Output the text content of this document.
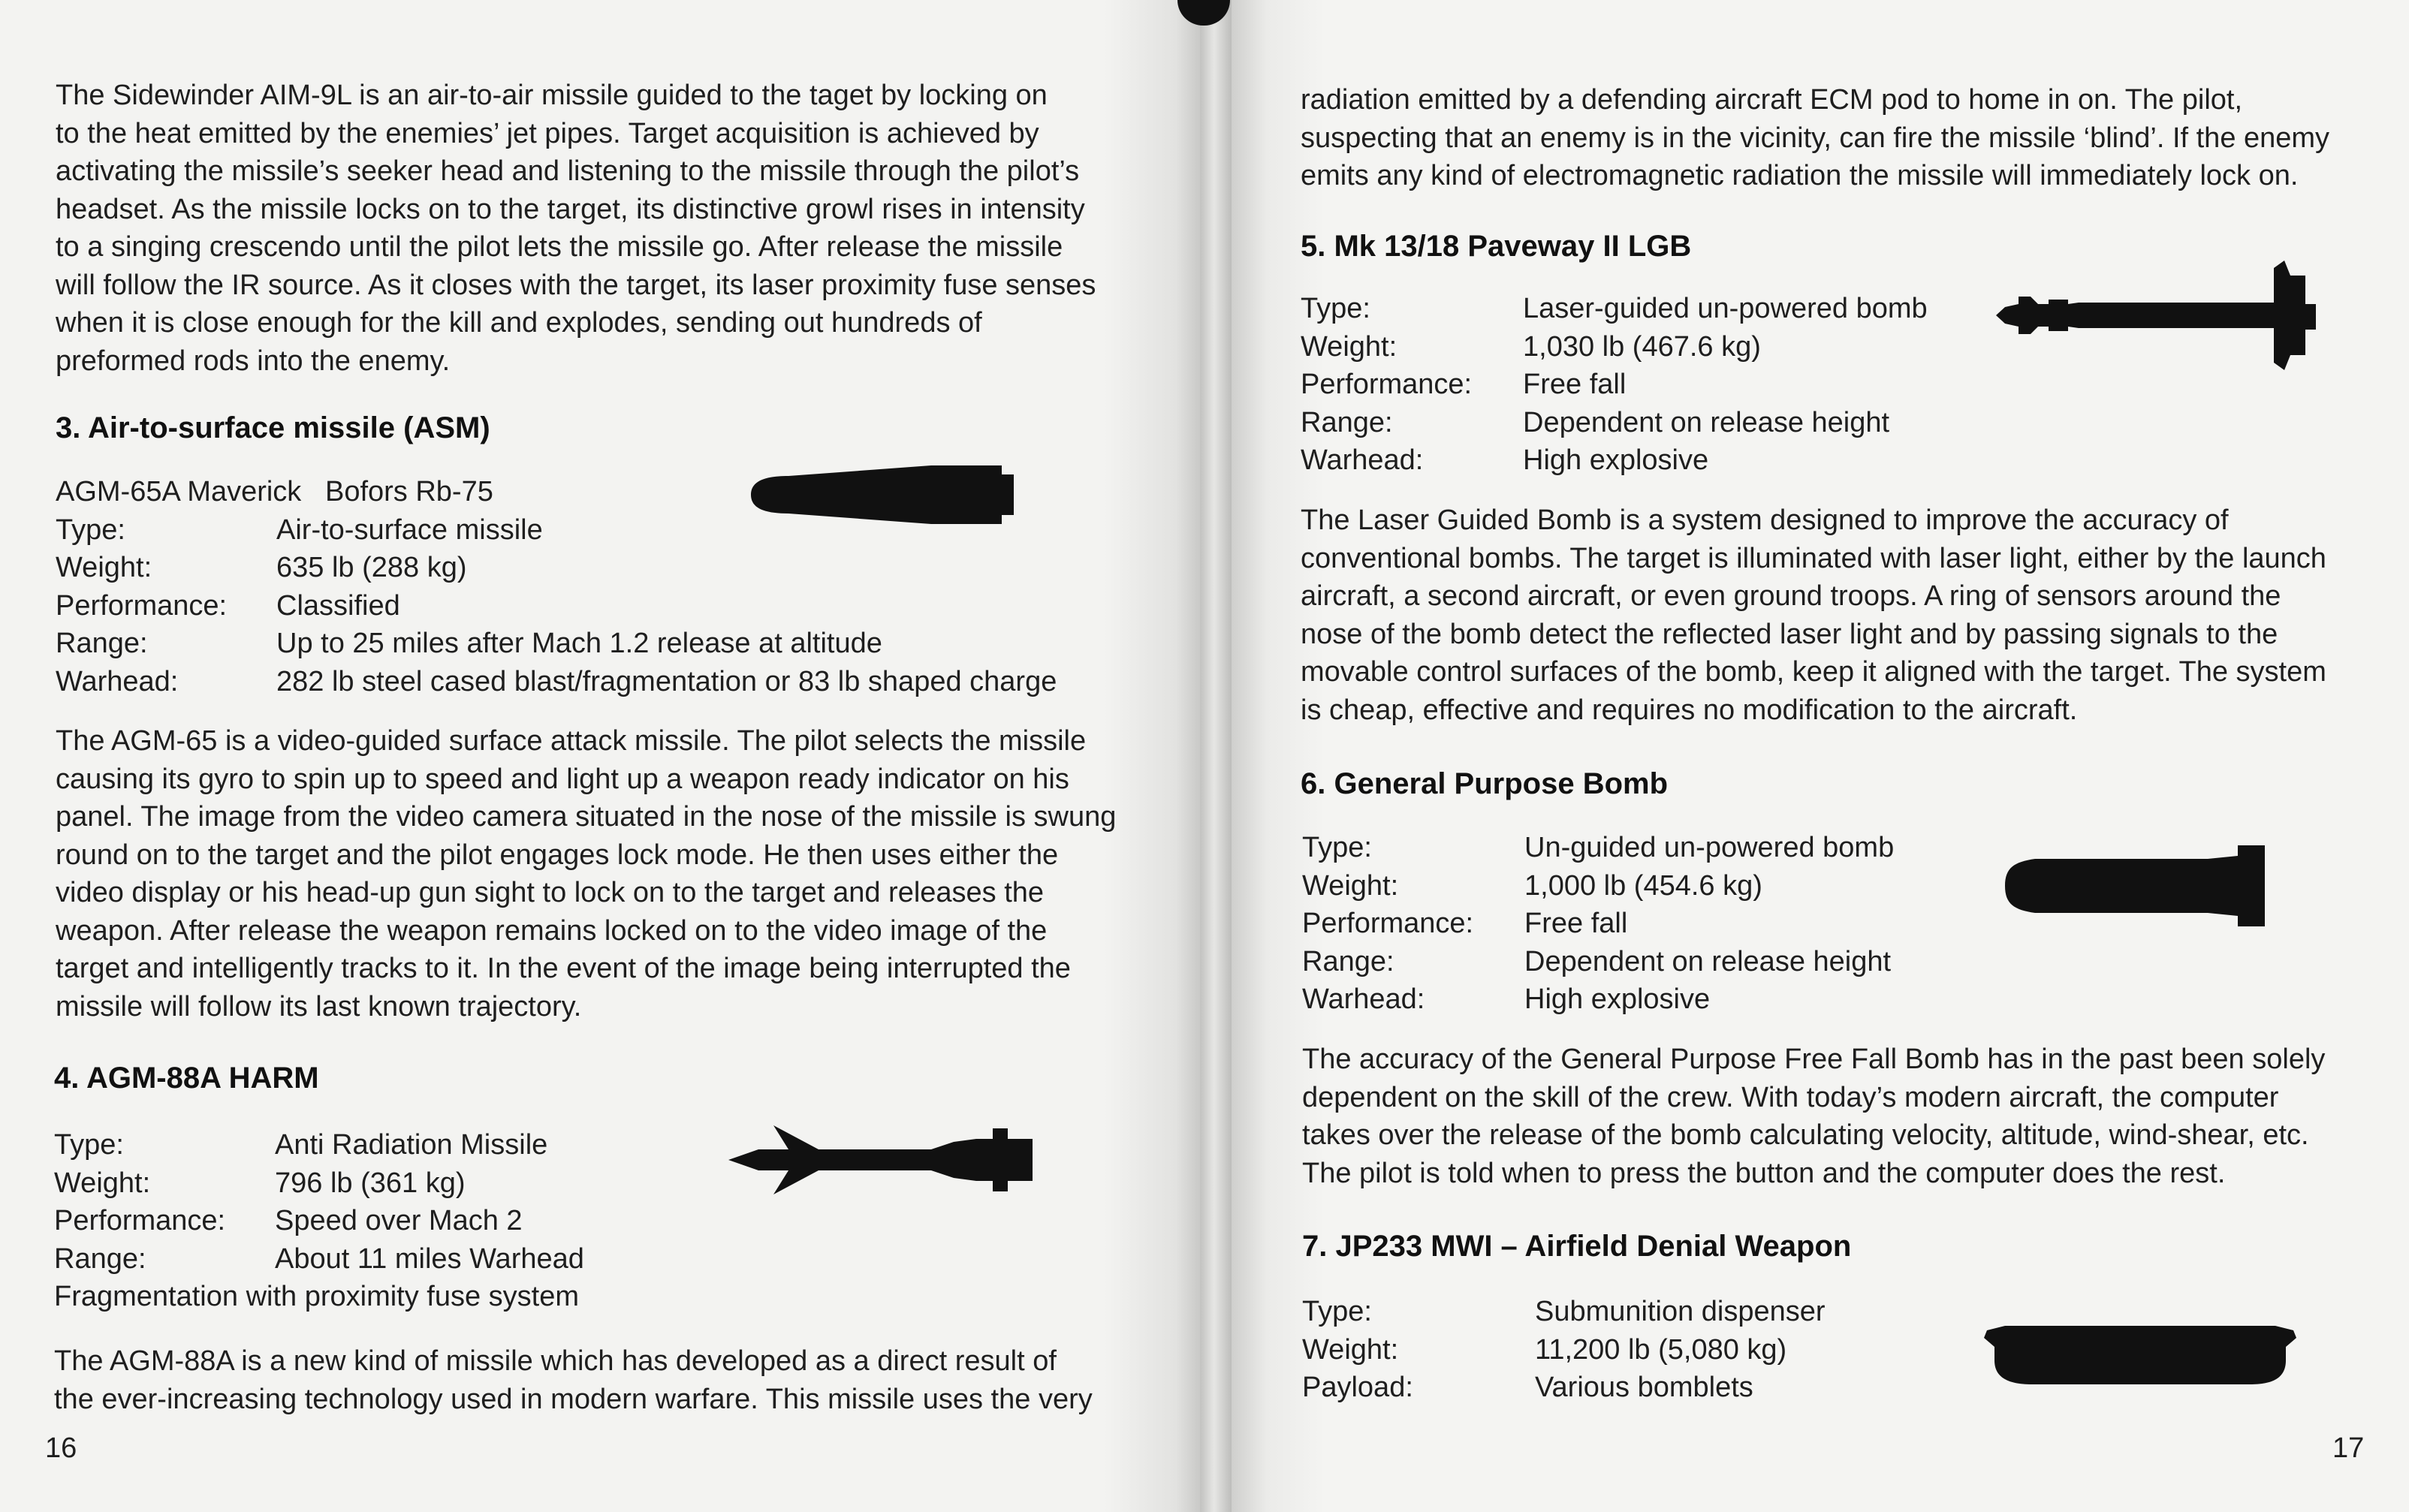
The Sidewinder AIM-9L is an air-to-air missile guided to the taget by locking on

to the heat emitted by the enemies’ jet pipes. Target acquisition is achieved by

activating the missile’s seeker head and listening to the missile through the pilot’s

headset. As the missile locks on to the target, its distinctive growl rises in intensity

to a singing crescendo until the pilot lets the missile go. After release the missile

will follow the IR source. As it closes with the target, its laser proximity fuse senses

when it is close enough for the kill and explodes, sending out hundreds of

preformed rods into the enemy.

3. Air-to-surface missile (ASM)
AGM-65A Maverick   Bofors Rb-75
Type:	Air-to-surface missile
Weight:	635 lb (288 kg)
Performance:	Classified
Range:	Up to 25 miles after Mach 1.2 release at altitude
Warhead:	282 lb steel cased blast/fragmentation or 83 lb shaped charge

The AGM-65 is a video-guided surface attack missile. The pilot selects the missile

causing its gyro to spin up to speed and light up a weapon ready indicator on his

panel. The image from the video camera situated in the nose of the missile is swung

round on to the target and the pilot engages lock mode. He then uses either the

video display or his head-up gun sight to lock on to the target and releases the

weapon. After release the weapon remains locked on to the video image of the

target and intelligently tracks to it. In the event of the image being interrupted the

missile will follow its last known trajectory.

4. AGM-88A HARM
Type:	Anti Radiation Missile
Weight:	796 lb (361 kg)
Performance:	Speed over Mach 2
Range:	About 11 miles Warhead
Fragmentation with proximity fuse system

The AGM-88A is a new kind of missile which has developed as a direct result of

the ever-increasing technology used in modern warfare. This missile uses the very

16

radiation emitted by a defending aircraft ECM pod to home in on. The pilot,

suspecting that an enemy is in the vicinity, can fire the missile ‘blind’. If the enemy

emits any kind of electromagnetic radiation the missile will immediately lock on.

5. Mk 13/18 Paveway II LGB
Type:	Laser-guided un-powered bomb
Weight:	1,030 lb (467.6 kg)
Performance:	Free fall
Range:	Dependent on release height
Warhead:	High explosive

The Laser Guided Bomb is a system designed to improve the accuracy of

conventional bombs. The target is illuminated with laser light, either by the launch

aircraft, a second aircraft, or even ground troops. A ring of sensors around the

nose of the bomb detect the reflected laser light and by passing signals to the

movable control surfaces of the bomb, keep it aligned with the target. The system

is cheap, effective and requires no modification to the aircraft.

6. General Purpose Bomb
Type:	Un-guided un-powered bomb
Weight:	1,000 lb (454.6 kg)
Performance:	Free fall
Range:	Dependent on release height
Warhead:	High explosive

The accuracy of the General Purpose Free Fall Bomb has in the past been solely

dependent on the skill of the crew. With today’s modern aircraft, the computer

takes over the release of the bomb calculating velocity, altitude, wind-shear, etc.

The pilot is told when to press the button and the computer does the rest.

7. JP233 MWI – Airfield Denial Weapon
Type:	Submunition dispenser
Weight:	11,200 lb (5,080 kg)
Payload:	Various bomblets
17
